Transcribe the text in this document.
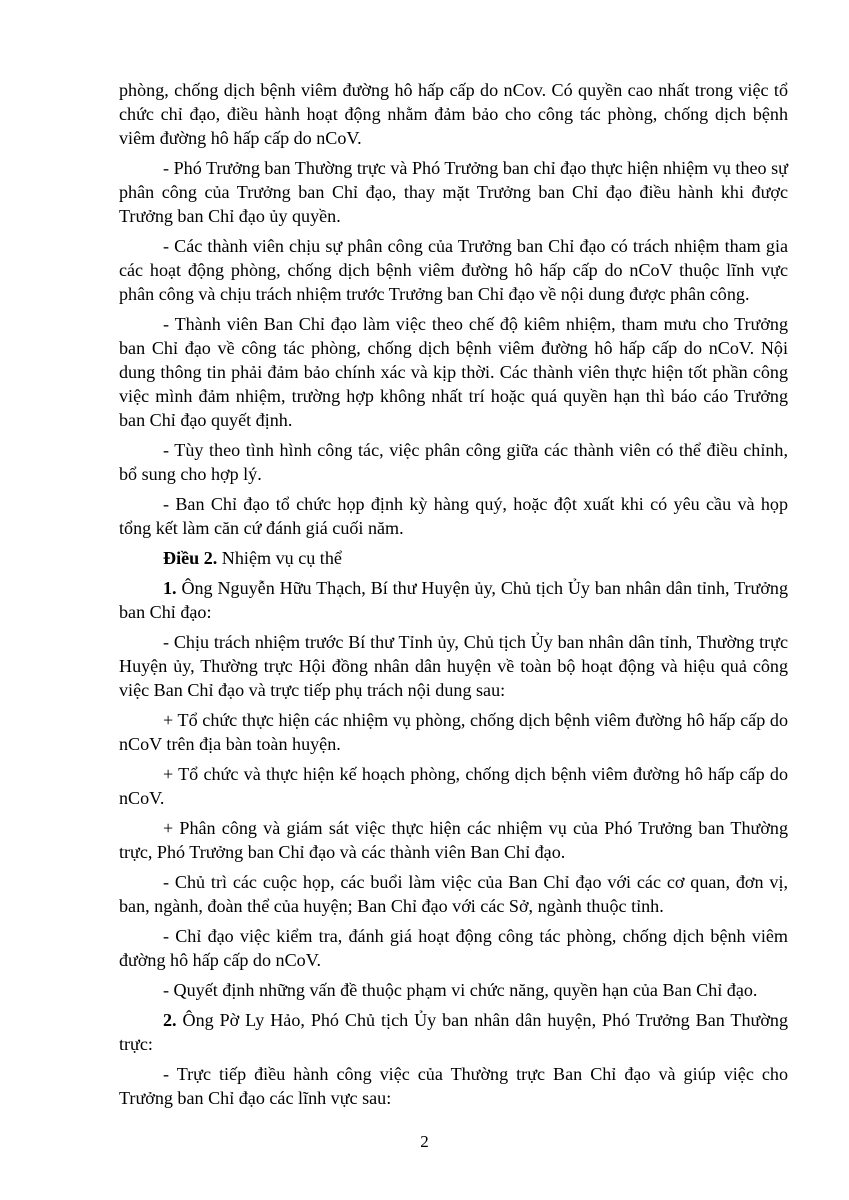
phòng, chống dịch bệnh viêm đường hô hấp cấp do nCov. Có quyền cao nhất trong việc tổ chức chỉ đạo, điều hành hoạt động nhằm đảm bảo cho công tác phòng, chống dịch bệnh viêm đường hô hấp cấp do nCoV.

- Phó Trưởng ban Thường trực và Phó Trưởng ban chỉ đạo thực hiện nhiệm vụ theo sự phân công của Trưởng ban Chỉ đạo, thay mặt Trưởng ban Chỉ đạo điều hành khi được Trưởng ban Chỉ đạo ủy quyền.

- Các thành viên chịu sự phân công của Trưởng ban Chỉ đạo có trách nhiệm tham gia các hoạt động phòng, chống dịch bệnh viêm đường hô hấp cấp do nCoV thuộc lĩnh vực phân công và chịu trách nhiệm trước Trưởng ban Chỉ đạo về nội dung được phân công.

- Thành viên Ban Chỉ đạo làm việc theo chế độ kiêm nhiệm, tham mưu cho Trưởng ban Chỉ đạo về công tác phòng, chống dịch bệnh viêm đường hô hấp cấp do nCoV. Nội dung thông tin phải đảm bảo chính xác và kịp thời. Các thành viên thực hiện tốt phần công việc mình đảm nhiệm, trường hợp không nhất trí hoặc quá quyền hạn thì báo cáo Trưởng ban Chỉ đạo quyết định.

- Tùy theo tình hình công tác, việc phân công giữa các thành viên có thể điều chỉnh, bổ sung cho hợp lý.

- Ban Chỉ đạo tổ chức họp định kỳ hàng quý, hoặc đột xuất khi có yêu cầu và họp tổng kết làm căn cứ đánh giá cuối năm.

Điều 2. Nhiệm vụ cụ thể

1. Ông Nguyễn Hữu Thạch, Bí thư Huyện ủy, Chủ tịch Ủy ban nhân dân tỉnh, Trưởng ban Chỉ đạo:

- Chịu trách nhiệm trước Bí thư Tỉnh ủy, Chủ tịch Ủy ban nhân dân tỉnh, Thường trực Huyện ủy, Thường trực Hội đồng nhân dân huyện về toàn bộ hoạt động và hiệu quả công việc Ban Chỉ đạo và trực tiếp phụ trách nội dung sau:

+ Tổ chức thực hiện các nhiệm vụ phòng, chống dịch bệnh viêm đường hô hấp cấp do nCoV trên địa bàn toàn huyện.

+ Tổ chức và thực hiện kế hoạch phòng, chống dịch bệnh viêm đường hô hấp cấp do nCoV.

+ Phân công và giám sát việc thực hiện các nhiệm vụ của Phó Trưởng ban Thường trực, Phó Trưởng ban Chỉ đạo và các thành viên Ban Chỉ đạo.

- Chủ trì các cuộc họp, các buổi làm việc của Ban Chỉ đạo với các cơ quan, đơn vị, ban, ngành, đoàn thể của huyện; Ban Chỉ đạo với các Sở, ngành thuộc tỉnh.

- Chỉ đạo việc kiểm tra, đánh giá hoạt động công tác phòng, chống dịch bệnh viêm đường hô hấp cấp do nCoV.

- Quyết định những vấn đề thuộc phạm vi chức năng, quyền hạn của Ban Chỉ đạo.

2. Ông Pờ Ly Hảo, Phó Chủ tịch Ủy ban nhân dân huyện, Phó Trưởng Ban Thường trực:

- Trực tiếp điều hành công việc của Thường trực Ban Chỉ đạo và giúp việc cho Trưởng ban Chỉ đạo các lĩnh vực sau:

2
